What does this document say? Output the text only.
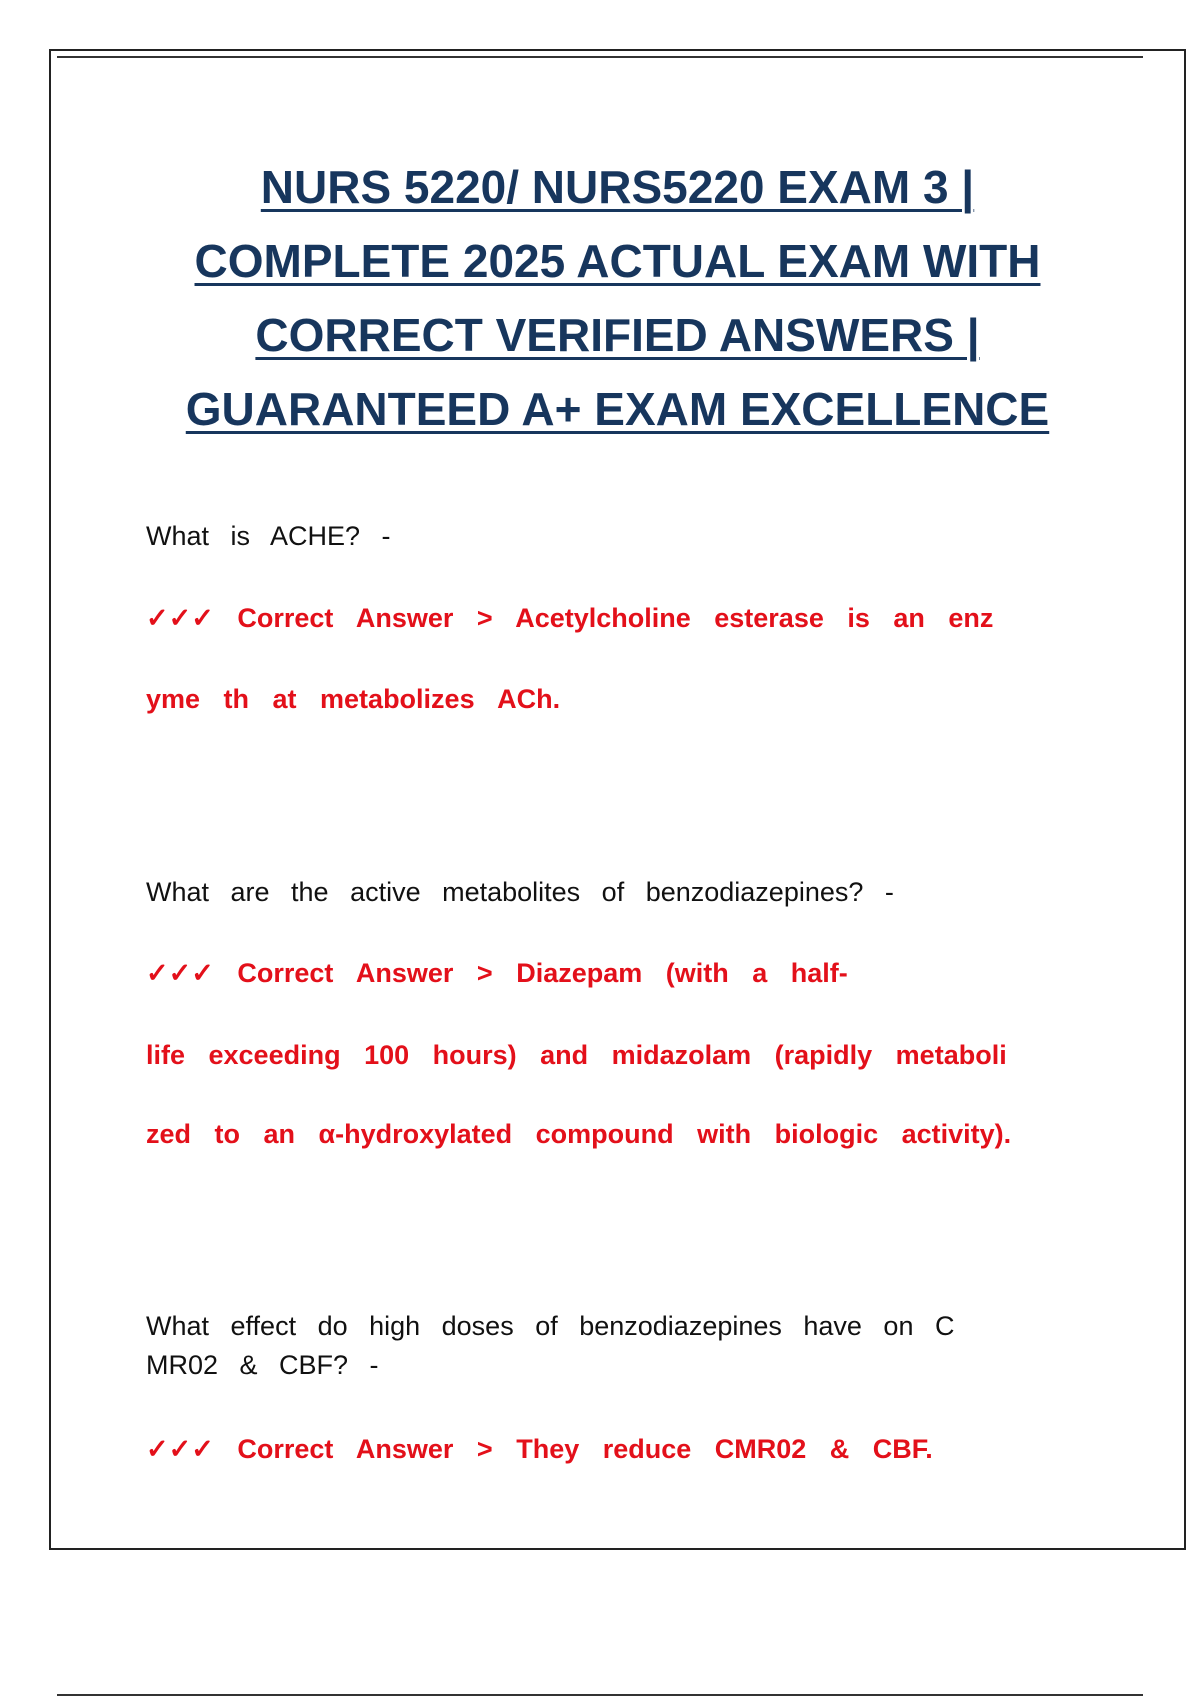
NURS 5220/ NURS5220 EXAM 3 |
COMPLETE 2025 ACTUAL EXAM WITH
CORRECT VERIFIED ANSWERS |
GUARANTEED A+ EXAM EXCELLENCE
What is ACHE? -
✓✓✓ Correct Answer > Acetylcholine esterase is an enz
yme th at metabolizes ACh.
What are the active metabolites of benzodiazepines? -
✓✓✓ Correct Answer > Diazepam (with a half-
life exceeding 100 hours) and midazolam (rapidly metaboli
zed to an α-hydroxylated compound with biologic activity).
What effect do high doses of benzodiazepines have on C
MR02 & CBF? -
✓✓✓ Correct Answer > They reduce CMR02 & CBF.
